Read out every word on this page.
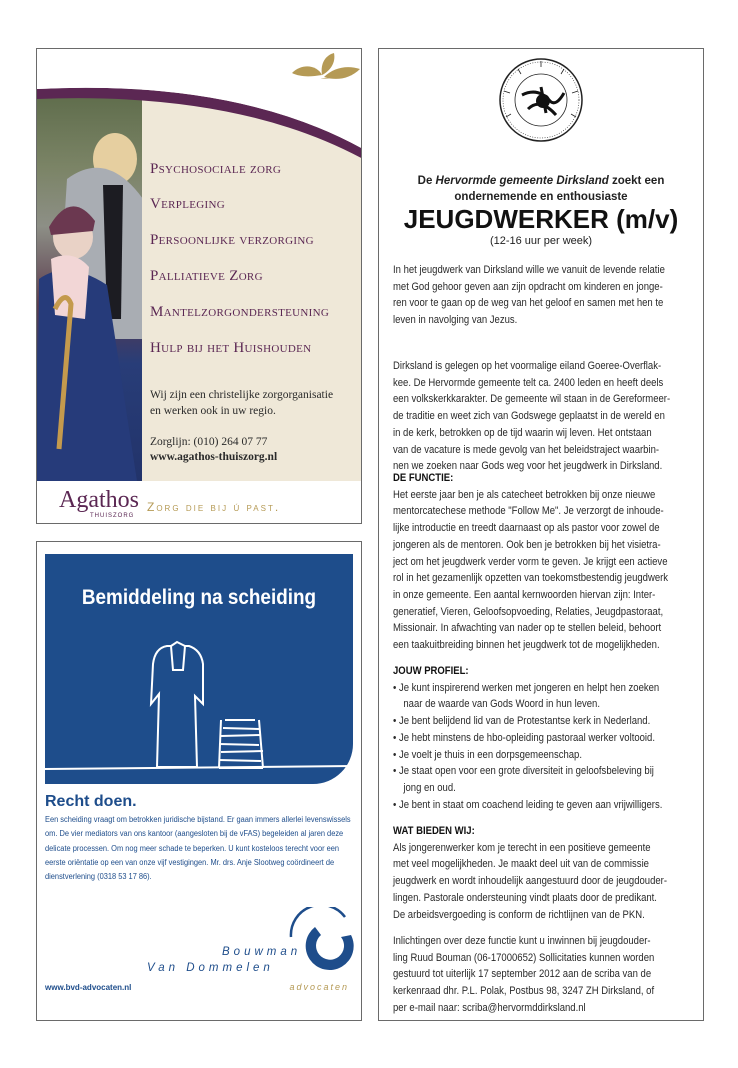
Psychosociale zorg
Verpleging
Persoonlijke verzorging
Palliatieve Zorg
Mantelzorgondersteuning
Hulp bij het Huishouden
Wij zijn een christelijke zorgorganisatie
en werken ook in uw regio.
Zorglijn: (010) 264 07 77
www.agathos-thuiszorg.nl
Agathos
THUISZORG
Zorg die bij ú past.
Bemiddeling na scheiding
Recht doen.
Een scheiding vraagt om betrokken juridische bijstand. Er gaan immers allerlei levenswissels
om. De vier mediators van ons kantoor (aangesloten bij de vFAS) begeleiden al jaren deze
delicate processen. Om nog meer schade te beperken. U kunt kosteloos terecht voor een
eerste oriëntatie op een van onze vijf vestigingen. Mr. drs. Anje Slootweg coördineert de
dienstverlening (0318 53 17 86).
Bouwman
Van Dommelen
www.bvd-advocaten.nl	advocaten
De Hervormde gemeente Dirksland zoekt een
ondernemende en enthousiaste
JEUGDWERKER (m/v)
(12-16 uur per week)
In het jeugdwerk van Dirksland wille we vanuit de levende relatie
met God gehoor geven aan zijn opdracht om kinderen en jonge-
ren voor te gaan op de weg van het geloof en samen met hen te
leven in navolging van Jezus.
Dirksland is gelegen op het voormalige eiland Goeree-Overflak-
kee. De Hervormde gemeente telt ca. 2400 leden en heeft deels
een volkskerkkarakter. De gemeente wil staan in de Gereformeer-
de traditie en weet zich van Godswege geplaatst in de wereld en
in de kerk, betrokken op de tijd waarin wij leven. Het ontstaan
van de vacature is mede gevolg van het beleidstraject waarbin-
nen we zoeken naar Gods weg voor het jeugdwerk in Dirksland.
DE FUNCTIE:
Het eerste jaar ben je als catecheet betrokken bij onze nieuwe
mentorcatechese methode "Follow Me". Je verzorgt de inhoude-
lijke introductie en treedt daarnaast op als pastor voor zowel de
jongeren als de mentoren. Ook ben je betrokken bij het visietra-
ject om het jeugdwerk verder vorm te geven. Je krijgt een actieve
rol in het gezamenlijk opzetten van toekomstbestendig jeugdwerk
in onze gemeente. Een aantal kernwoorden hiervan zijn: Inter-
generatief, Vieren, Geloofsopvoeding, Relaties, Jeugdpastoraat,
Missionair. In afwachting van nader op te stellen beleid, behoort
een taakuitbreiding binnen het jeugdwerk tot de mogelijkheden.
JOUW PROFIEL:
• Je kunt inspirerend werken met jongeren en helpt hen zoeken
naar de waarde van Gods Woord in hun leven.
• Je bent belijdend lid van de Protestantse kerk in Nederland.
• Je hebt minstens de hbo-opleiding pastoraal werker voltooid.
• Je voelt je thuis in een dorpsgemeenschap.
• Je staat open voor een grote diversiteit in geloofsbeleving bij
jong en oud.
• Je bent in staat om coachend leiding te geven aan vrijwilligers.
WAT BIEDEN WIJ:
Als jongerenwerker kom je terecht in een positieve gemeente
met veel mogelijkheden. Je maakt deel uit van de commissie
jeugdwerk en wordt inhoudelijk aangestuurd door de jeugdouder-
lingen. Pastorale ondersteuning vindt plaats door de predikant.
De arbeidsvergoeding is conform de richtlijnen van de PKN.
Inlichtingen over deze functie kunt u inwinnen bij jeugdouder-
ling Ruud Bouman (06-17000652) Sollicitaties kunnen worden
gestuurd tot uiterlijk 17 september 2012 aan de scriba van de
kerkenraad dhr. P.L. Polak, Postbus 98, 3247 ZH Dirksland, of
per e-mail naar: scriba@hervormddirksland.nl
